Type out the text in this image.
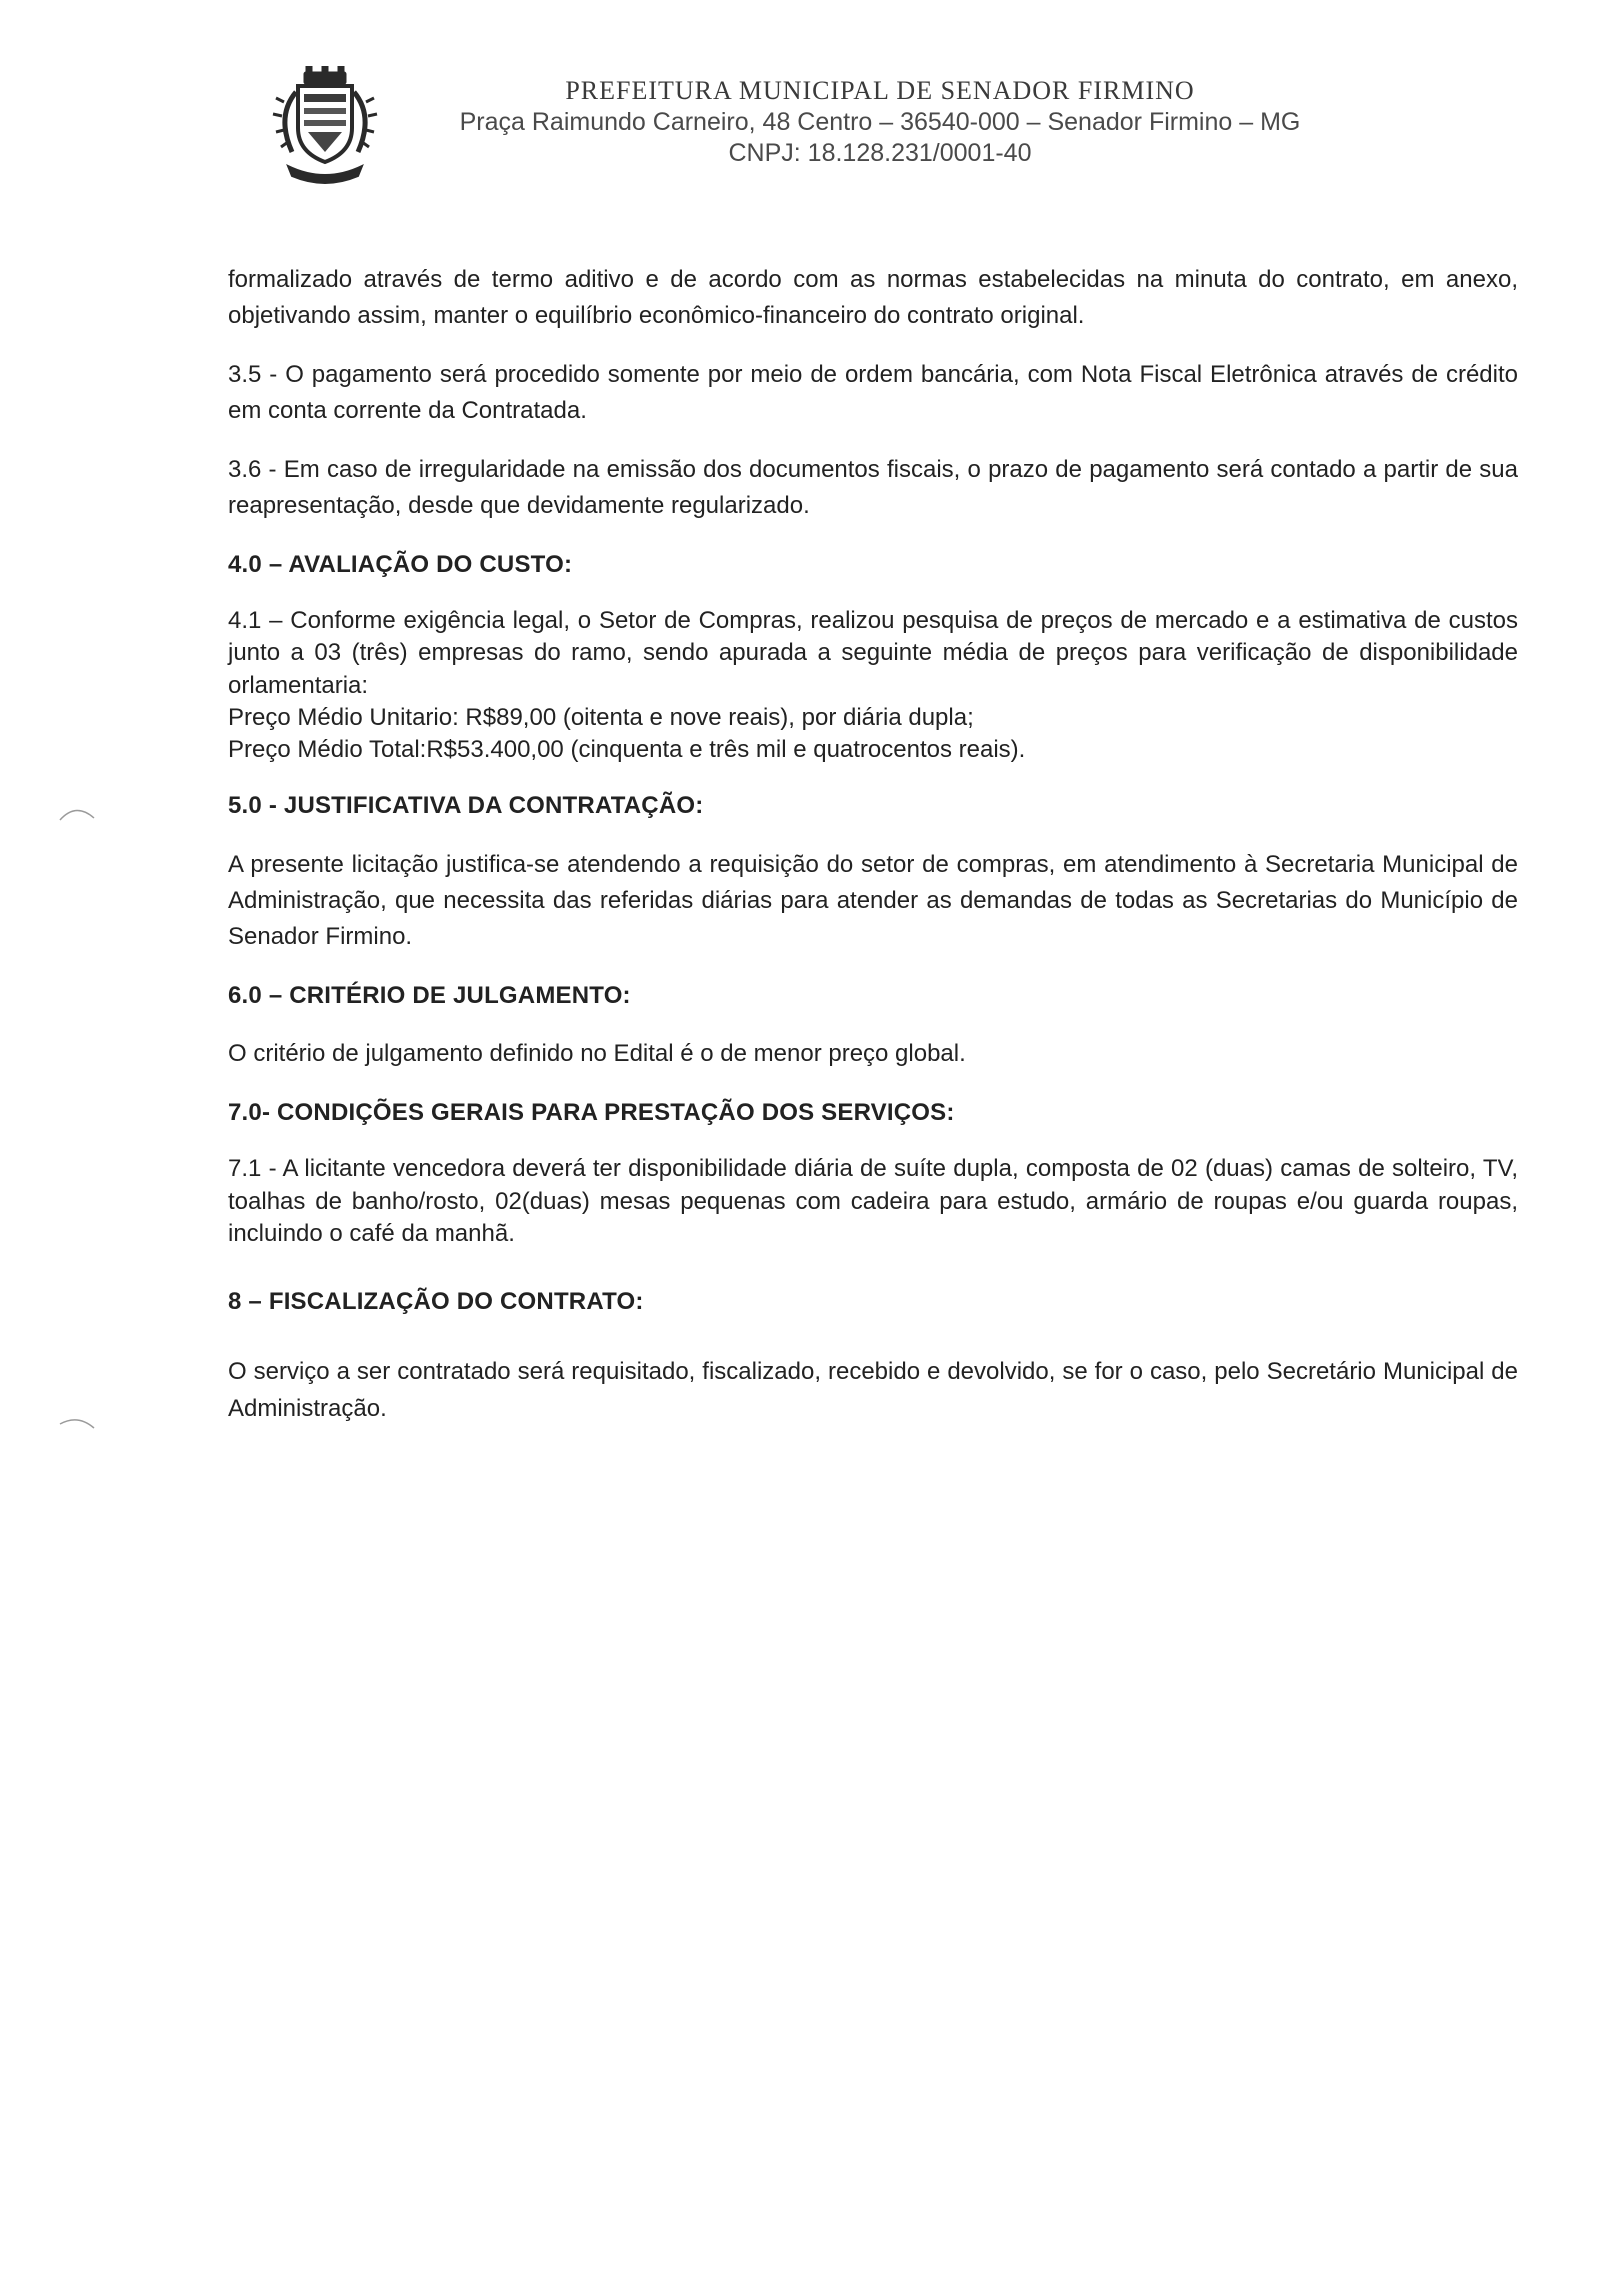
PREFEITURA MUNICIPAL DE SENADOR FIRMINO
Praça Raimundo Carneiro, 48 Centro – 36540-000 – Senador Firmino – MG
CNPJ: 18.128.231/0001-40

formalizado através de termo aditivo e de acordo com as normas estabelecidas na minuta do contrato, em anexo, objetivando assim, manter o equilíbrio econômico-financeiro do contrato original.

3.5 - O pagamento será procedido somente por meio de ordem bancária, com Nota Fiscal Eletrônica através de crédito em conta corrente da Contratada.

3.6 - Em caso de irregularidade na emissão dos documentos fiscais, o prazo de pagamento será contado a partir de sua reapresentação, desde que devidamente regularizado.

4.0 – AVALIAÇÃO DO CUSTO:

4.1 – Conforme exigência legal, o Setor de Compras, realizou pesquisa de preços de mercado e a estimativa de custos junto a 03 (três) empresas do ramo, sendo apurada a seguinte média de preços para verificação de disponibilidade orlamentaria:

Preço Médio Unitario: R$89,00 (oitenta e nove reais), por diária dupla;

Preço Médio Total:R$53.400,00 (cinquenta e três mil e quatrocentos reais).

5.0 - JUSTIFICATIVA DA CONTRATAÇÃO:

A presente licitação justifica-se atendendo a requisição do setor de compras, em atendimento à Secretaria Municipal de Administração, que necessita das referidas diárias para atender as demandas de todas as Secretarias do Município de Senador Firmino.

6.0 – CRITÉRIO DE JULGAMENTO:

O critério de julgamento definido no Edital é o de menor preço global.

7.0- CONDIÇÕES GERAIS PARA PRESTAÇÃO DOS SERVIÇOS:

7.1 - A licitante vencedora deverá ter disponibilidade diária de suíte dupla, composta de 02 (duas) camas de solteiro, TV, toalhas de banho/rosto, 02(duas) mesas pequenas com cadeira para estudo, armário de roupas e/ou guarda roupas, incluindo o café da manhã.

8 – FISCALIZAÇÃO DO CONTRATO:

O serviço a ser contratado será requisitado, fiscalizado, recebido e devolvido, se for o caso, pelo Secretário Municipal de Administração.
